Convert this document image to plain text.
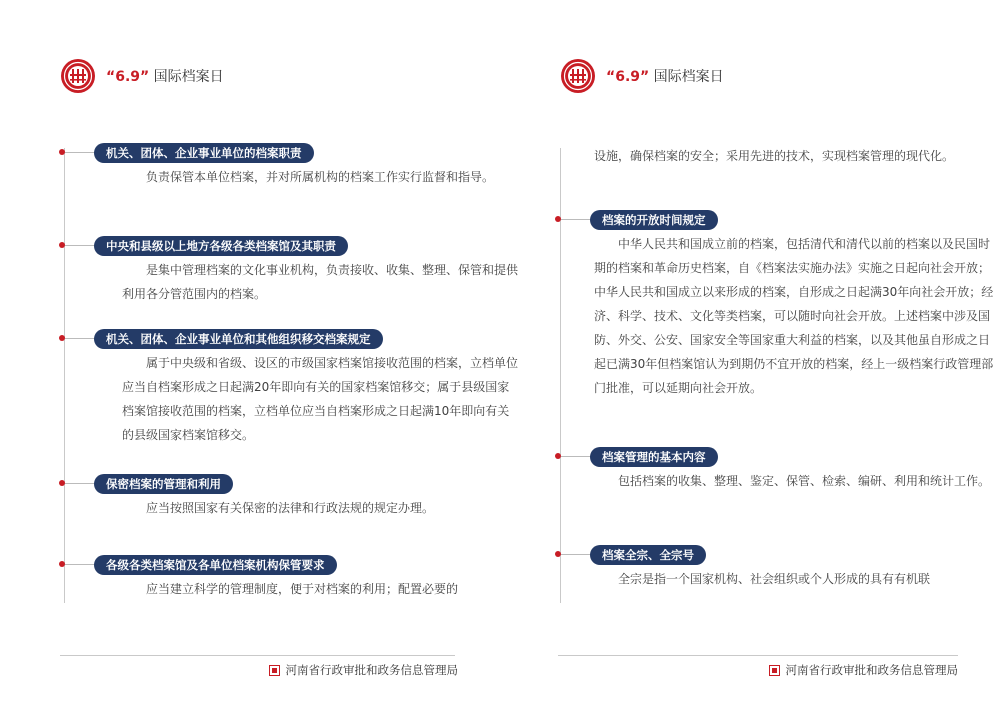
“6.9” 国际档案日
机关、团体、企业事业单位的档案职责
负责保管本单位档案，并对所属机构的档案工作实行监督和指导。
中央和县级以上地方各级各类档案馆及其职责
是集中管理档案的文化事业机构，负责接收、收集、整理、保管和提供利用各分管范围内的档案。
机关、团体、企业事业单位和其他组织移交档案规定
属于中央级和省级、设区的市级国家档案馆接收范围的档案，立档单位应当自档案形成之日起满20年即向有关的国家档案馆移交；属于县级国家档案馆接收范围的档案，立档单位应当自档案形成之日起满10年即向有关的县级国家档案馆移交。
保密档案的管理和利用
应当按照国家有关保密的法律和行政法规的规定办理。
各级各类档案馆及各单位档案机构保管要求
应当建立科学的管理制度，便于对档案的利用；配置必要的
河南省行政审批和政务信息管理局
“6.9” 国际档案日
设施，确保档案的安全；采用先进的技术，实现档案管理的现代化。
档案的开放时间规定
中华人民共和国成立前的档案，包括清代和清代以前的档案以及民国时期的档案和革命历史档案，自《档案法实施办法》实施之日起向社会开放；中华人民共和国成立以来形成的档案，自形成之日起满30年向社会开放；经济、科学、技术、文化等类档案，可以随时向社会开放。上述档案中涉及国防、外交、公安、国家安全等国家重大利益的档案，以及其他虽自形成之日起已满30年但档案馆认为到期仍不宜开放的档案，经上一级档案行政管理部门批准，可以延期向社会开放。
档案管理的基本内容
包括档案的收集、整理、鉴定、保管、检索、编研、利用和统计工作。
档案全宗、全宗号
全宗是指一个国家机构、社会组织或个人形成的具有有机联
河南省行政审批和政务信息管理局
